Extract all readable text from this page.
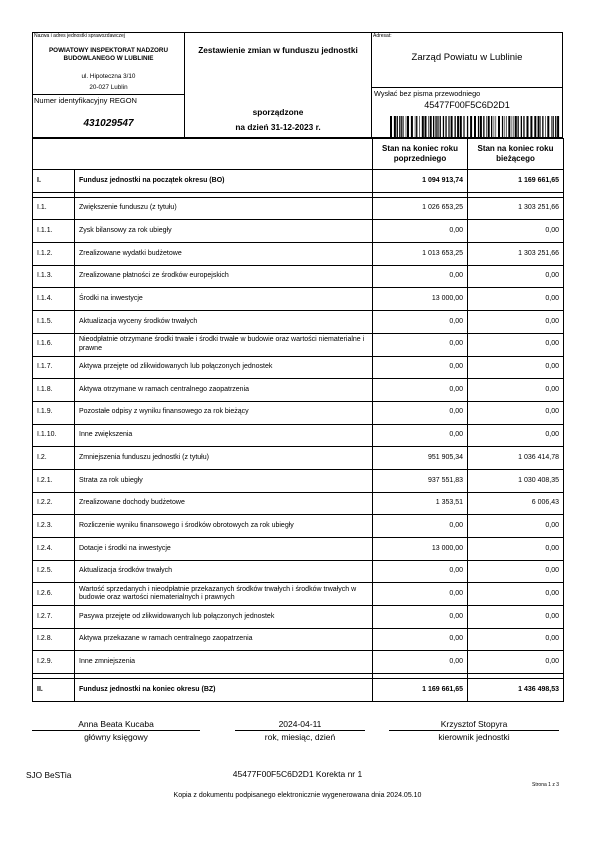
Nazwa i adres jednostki sprawozdawczej
POWIATOWY INSPEKTORAT NADZORU BUDOWLANEGO W LUBLINIE
ul. Hipoteczna 3/10
20-027 Lublin
Numer identyfikacyjny REGON
431029547
Zestawienie zmian w funduszu jednostki
sporządzone
na dzień 31-12-2023 r.
Adresat:
Zarząd Powiatu w Lublinie
Wysłać bez pisma przewodniego
45477F00F5C6D2D1
		Stan na koniec roku poprzedniego	Stan na koniec roku bieżącego
I.	Fundusz jednostki na początek okresu (BO)	1 094 913,74	1 169 661,65

I.1.	Zwiększenie funduszu (z tytułu)	1 026 653,25	1 303 251,66
I.1.1.	Zysk bilansowy za rok ubiegły	0,00	0,00
I.1.2.	Zrealizowane wydatki budżetowe	1 013 653,25	1 303 251,66
I.1.3.	Zrealizowane płatności ze środków europejskich	0,00	0,00
I.1.4.	Środki na inwestycje	13 000,00	0,00
I.1.5.	Aktualizacja wyceny środków trwałych	0,00	0,00
I.1.6.	Nieodpłatnie otrzymane środki trwałe i środki trwałe w budowie oraz wartości niematerialne i prawne	0,00	0,00
I.1.7.	Aktywa przejęte od zlikwidowanych lub połączonych jednostek	0,00	0,00
I.1.8.	Aktywa otrzymane w ramach centralnego zaopatrzenia	0,00	0,00
I.1.9.	Pozostałe odpisy z wyniku finansowego za rok bieżący	0,00	0,00
I.1.10.	Inne zwiększenia	0,00	0,00
I.2.	Zmniejszenia funduszu jednostki (z tytułu)	951 905,34	1 036 414,78
I.2.1.	Strata za rok ubiegły	937 551,83	1 030 408,35
I.2.2.	Zrealizowane dochody budżetowe	1 353,51	6 006,43
I.2.3.	Rozliczenie wyniku finansowego i środków obrotowych za rok ubiegły	0,00	0,00
I.2.4.	Dotacje i środki na inwestycje	13 000,00	0,00
I.2.5.	Aktualizacja środków trwałych	0,00	0,00
I.2.6.	Wartość sprzedanych i nieodpłatnie przekazanych środków trwałych i środków trwałych w budowie oraz wartości niematerialnych i prawnych	0,00	0,00
I.2.7.	Pasywa przejęte od zlikwidowanych lub połączonych jednostek	0,00	0,00
I.2.8.	Aktywa przekazane w ramach centralnego zaopatrzenia	0,00	0,00
I.2.9.	Inne zmniejszenia	0,00	0,00

II.	Fundusz jednostki na koniec okresu (BZ)	1 169 661,65	1 436 498,53
Anna Beata Kucaba
główny księgowy
2024-04-11
rok, miesiąc, dzień
Krzysztof Stopyra
kierownik jednostki
SJO BeSTia	45477F00F5C6D2D1 Korekta nr 1
Strona 1 z 3
Kopia z dokumentu podpisanego elektronicznie wygenerowana dnia 2024.05.10
